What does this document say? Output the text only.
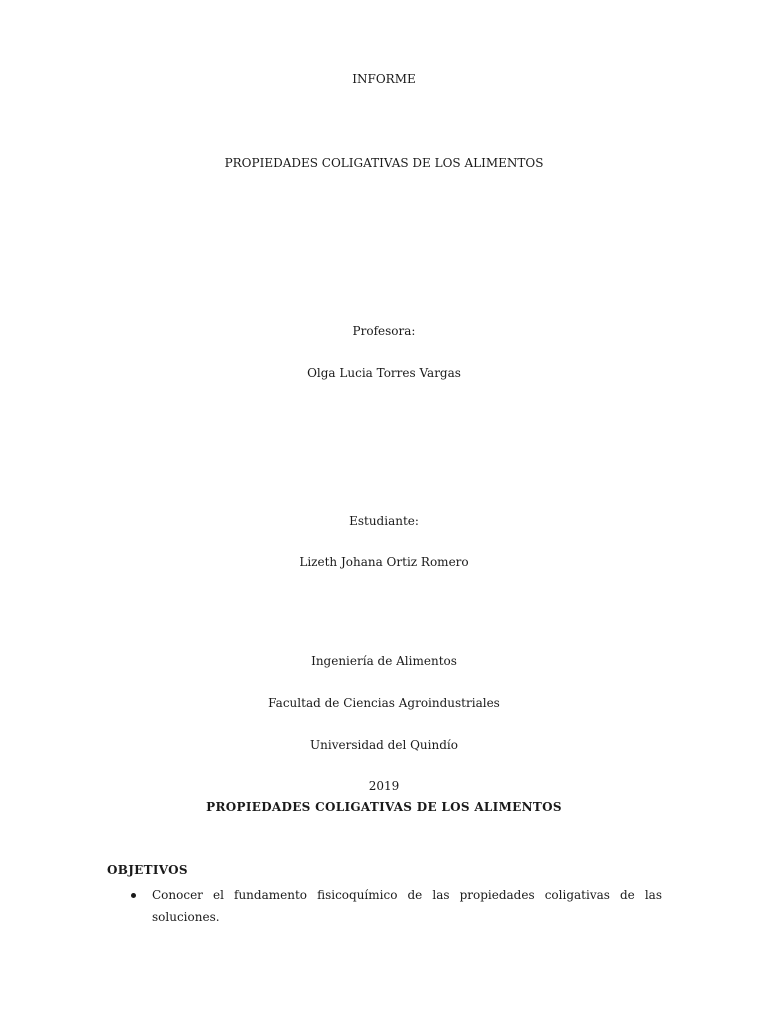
INFORME
PROPIEDADES COLIGATIVAS DE LOS ALIMENTOS
Profesora:
Olga Lucia Torres Vargas
Estudiante:
Lizeth Johana Ortiz Romero
Ingeniería de Alimentos
Facultad de Ciencias Agroindustriales
Universidad del Quindío
2019
PROPIEDADES COLIGATIVAS DE LOS ALIMENTOS
OBJETIVOS
Conocer el fundamento fisicoquímico de las propiedades coligativas de las soluciones.
